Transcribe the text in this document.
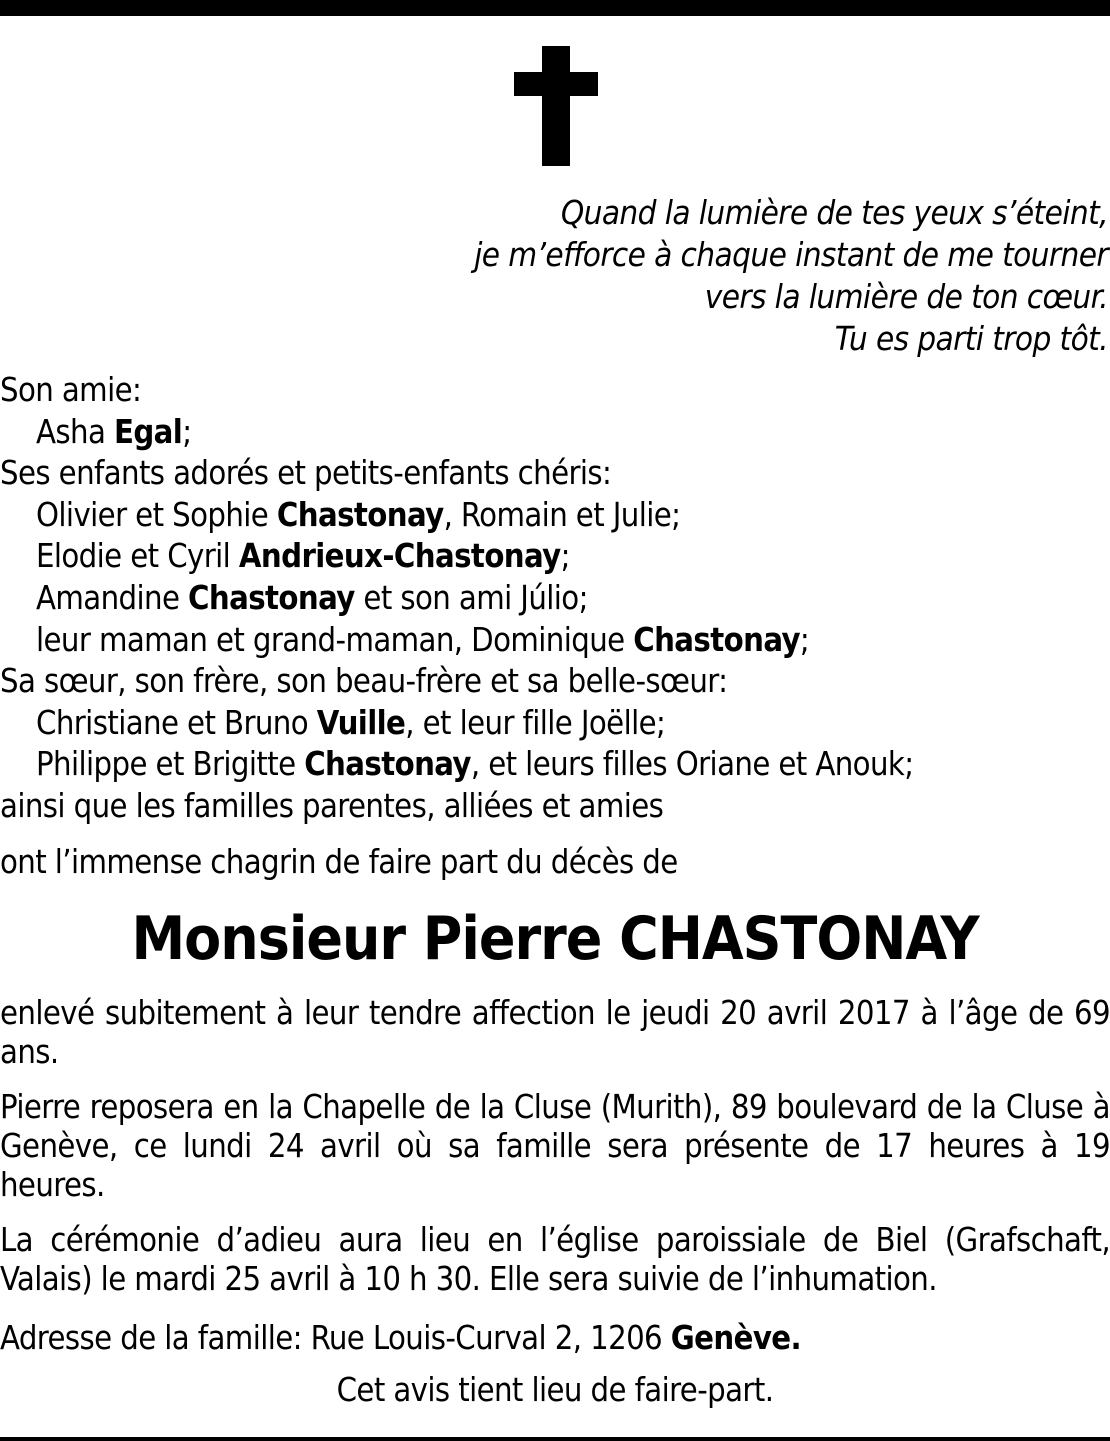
Quand la lumière de tes yeux s’éteint,
je m’efforce à chaque instant de me tourner
vers la lumière de ton cœur.
Tu es parti trop tôt.
Son amie:
Asha Egal;
Ses enfants adorés et petits-enfants chéris:
Olivier et Sophie Chastonay, Romain et Julie;
Elodie et Cyril Andrieux-Chastonay;
Amandine Chastonay et son ami Júlio;
leur maman et grand-maman, Dominique Chastonay;
Sa sœur, son frère, son beau-frère et sa belle-sœur:
Christiane et Bruno Vuille, et leur fille Joëlle;
Philippe et Brigitte Chastonay, et leurs filles Oriane et Anouk;
ainsi que les familles parentes, alliées et amies
ont l’immense chagrin de faire part du décès de
Monsieur Pierre CHASTONAY
enlevé subitement à leur tendre affection le jeudi 20 avril 2017 à l’âge de 69 ans.
Pierre reposera en la Chapelle de la Cluse (Murith), 89 boulevard de la Cluse à Genève, ce lundi 24 avril où sa famille sera présente de 17 heures à 19 heures.
La cérémonie d’adieu aura lieu en l’église paroissiale de Biel (Grafschaft, Valais) le mardi 25 avril à 10 h 30. Elle sera suivie de l’inhumation.
Adresse de la famille: Rue Louis-Curval 2, 1206 Genève.
Cet avis tient lieu de faire-part.
